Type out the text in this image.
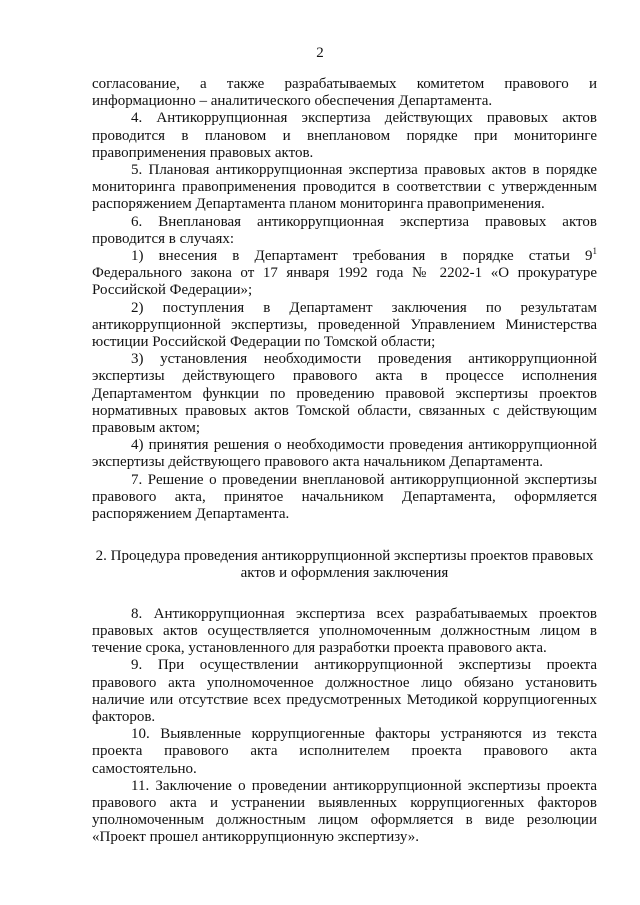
2

согласование, а также разрабатываемых комитетом правового и информационно – аналитического обеспечения Департамента.

4. Антикоррупционная экспертиза действующих правовых актов проводится в плановом и внеплановом порядке при мониторинге правоприменения правовых актов.

5. Плановая антикоррупционная экспертиза правовых актов в порядке мониторинга правоприменения проводится в соответствии с утвержденным распоряжением Департамента планом мониторинга правоприменения.

6. Внеплановая антикоррупционная экспертиза правовых актов проводится в случаях:

1) внесения в Департамент требования в порядке статьи $9^1$ Федерального закона от 17 января 1992 года № 2202-1 «О прокуратуре Российской Федерации»;

2) поступления в Департамент заключения по результатам антикоррупционной экспертизы, проведенной Управлением Министерства юстиции Российской Федерации по Томской области;

3) установления необходимости проведения антикоррупционной экспертизы действующего правового акта в процессе исполнения Департаментом функции по проведению правовой экспертизы проектов нормативных правовых актов Томской области, связанных с действующим правовым актом;

4) принятия решения о необходимости проведения антикоррупционной экспертизы действующего правового акта начальником Департамента.

7. Решение о проведении внеплановой антикоррупционной экспертизы правового акта, принятое начальником Департамента, оформляется распоряжением Департамента.

2. Процедура проведения антикоррупционной экспертизы проектов правовых
актов и оформления заключения

8. Антикоррупционная экспертиза всех разрабатываемых проектов правовых актов осуществляется уполномоченным должностным лицом в течение срока, установленного для разработки проекта правового акта.

9. При осуществлении антикоррупционной экспертизы проекта правового акта уполномоченное должностное лицо обязано установить наличие или отсутствие всех предусмотренных Методикой коррупциогенных факторов.

10. Выявленные коррупциогенные факторы устраняются из текста проекта правового акта исполнителем проекта правового акта самостоятельно.

11. Заключение о проведении антикоррупционной экспертизы проекта правового акта и устранении выявленных коррупциогенных факторов уполномоченным должностным лицом оформляется в виде резолюции «Проект прошел антикоррупционную экспертизу».
